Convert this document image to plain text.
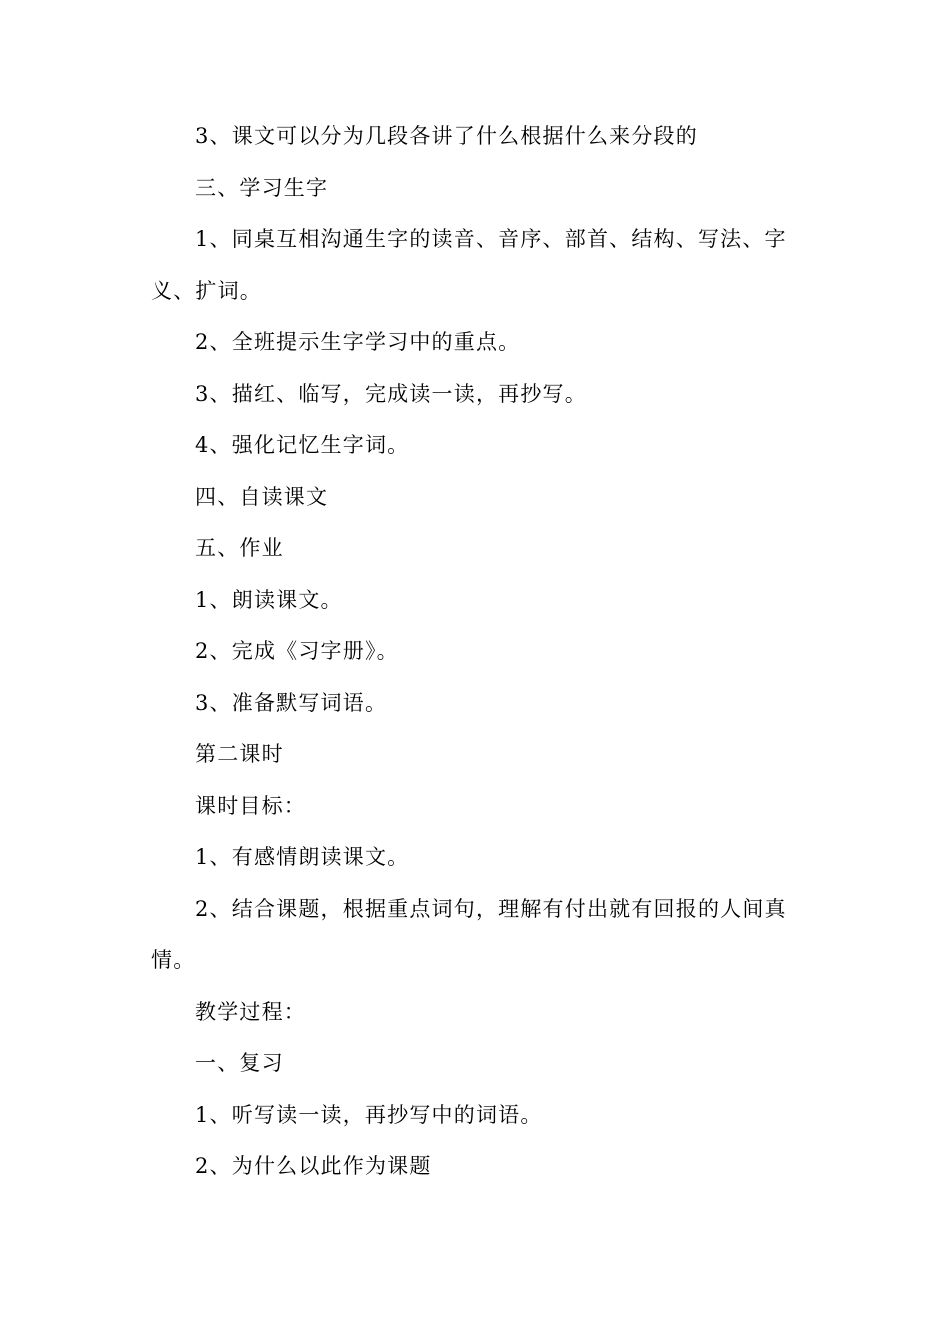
3、课文可以分为几段各讲了什么根据什么来分段的

三、学习生字

1、同桌互相沟通生字的读音、音序、部首、结构、写法、字义、扩词。

2、全班提示生字学习中的重点。

3、描红、临写，完成读一读，再抄写。

4、强化记忆生字词。

四、自读课文

五、作业

1、朗读课文。

2、完成《习字册》。

3、准备默写词语。

第二课时

课时目标：

1、有感情朗读课文。

2、结合课题，根据重点词句，理解有付出就有回报的人间真情。

教学过程：

一、复习

1、听写读一读，再抄写中的词语。

2、为什么以此作为课题
